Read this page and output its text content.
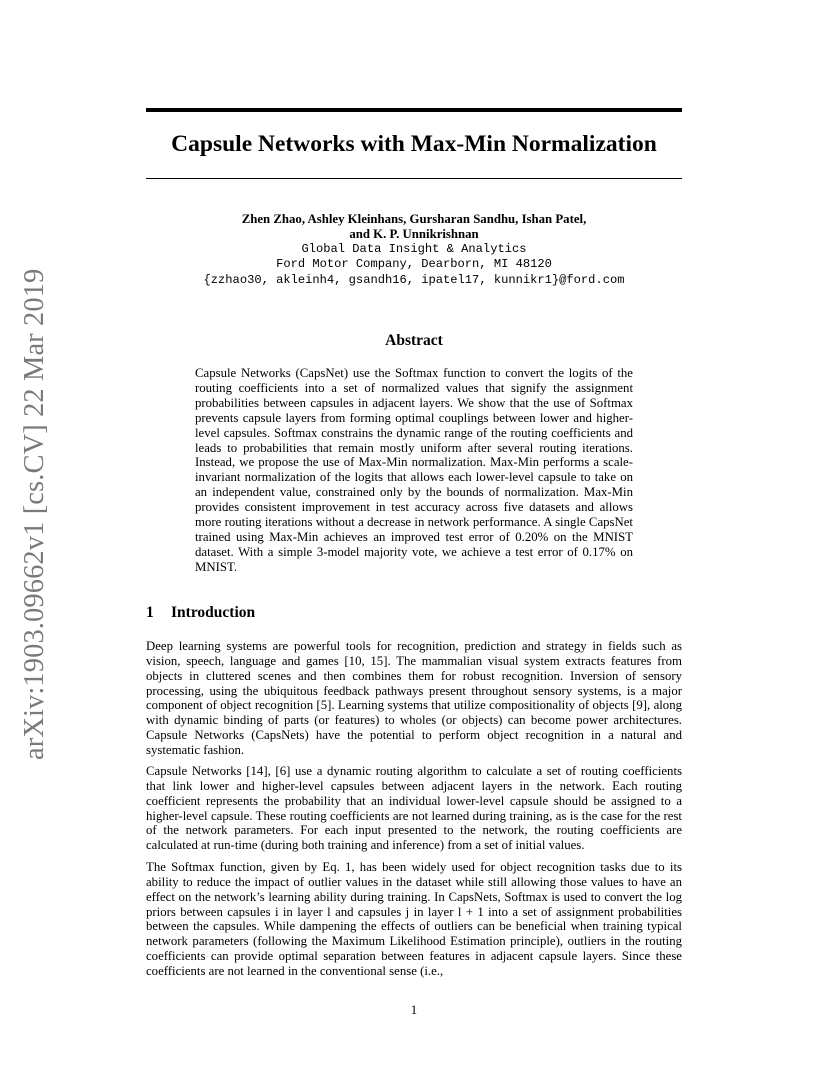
arXiv:1903.09662v1 [cs.CV] 22 Mar 2019
Capsule Networks with Max-Min Normalization
Zhen Zhao, Ashley Kleinhans, Gursharan Sandhu, Ishan Patel,
and K. P. Unnikrishnan
Global Data Insight & Analytics
Ford Motor Company, Dearborn, MI 48120
{zzhao30, akleinh4, gsandh16, ipatel17, kunnikr1}@ford.com
Abstract
Capsule Networks (CapsNet) use the Softmax function to convert the logits of the routing coefficients into a set of normalized values that signify the assignment probabilities between capsules in adjacent layers. We show that the use of Softmax prevents capsule layers from forming optimal couplings between lower and higher-level capsules. Softmax constrains the dynamic range of the routing coefficients and leads to probabilities that remain mostly uniform after several routing iterations. Instead, we propose the use of Max-Min normalization. Max-Min performs a scale-invariant normalization of the logits that allows each lower-level capsule to take on an independent value, constrained only by the bounds of normalization. Max-Min provides consistent improvement in test accuracy across five datasets and allows more routing iterations without a decrease in network performance. A single CapsNet trained using Max-Min achieves an improved test error of 0.20% on the MNIST dataset. With a simple 3-model majority vote, we achieve a test error of 0.17% on MNIST.
1 Introduction

Deep learning systems are powerful tools for recognition, prediction and strategy in fields such as vision, speech, language and games [10, 15]. The mammalian visual system extracts features from objects in cluttered scenes and then combines them for robust recognition. Inversion of sensory processing, using the ubiquitous feedback pathways present throughout sensory systems, is a major component of object recognition [5]. Learning systems that utilize compositionality of objects [9], along with dynamic binding of parts (or features) to wholes (or objects) can become power architectures. Capsule Networks (CapsNets) have the potential to perform object recognition in a natural and systematic fashion.

Capsule Networks [14], [6] use a dynamic routing algorithm to calculate a set of routing coefficients that link lower and higher-level capsules between adjacent layers in the network. Each routing coefficient represents the probability that an individual lower-level capsule should be assigned to a higher-level capsule. These routing coefficients are not learned during training, as is the case for the rest of the network parameters. For each input presented to the network, the routing coefficients are calculated at run-time (during both training and inference) from a set of initial values.

The Softmax function, given by Eq. 1, has been widely used for object recognition tasks due to its ability to reduce the impact of outlier values in the dataset while still allowing those values to have an effect on the network’s learning ability during training. In CapsNets, Softmax is used to convert the log priors between capsules i in layer l and capsules j in layer l + 1 into a set of assignment probabilities between the capsules. While dampening the effects of outliers can be beneficial when training typical network parameters (following the Maximum Likelihood Estimation principle), outliers in the routing coefficients can provide optimal separation between features in adjacent capsule layers. Since these coefficients are not learned in the conventional sense (i.e.,

1
